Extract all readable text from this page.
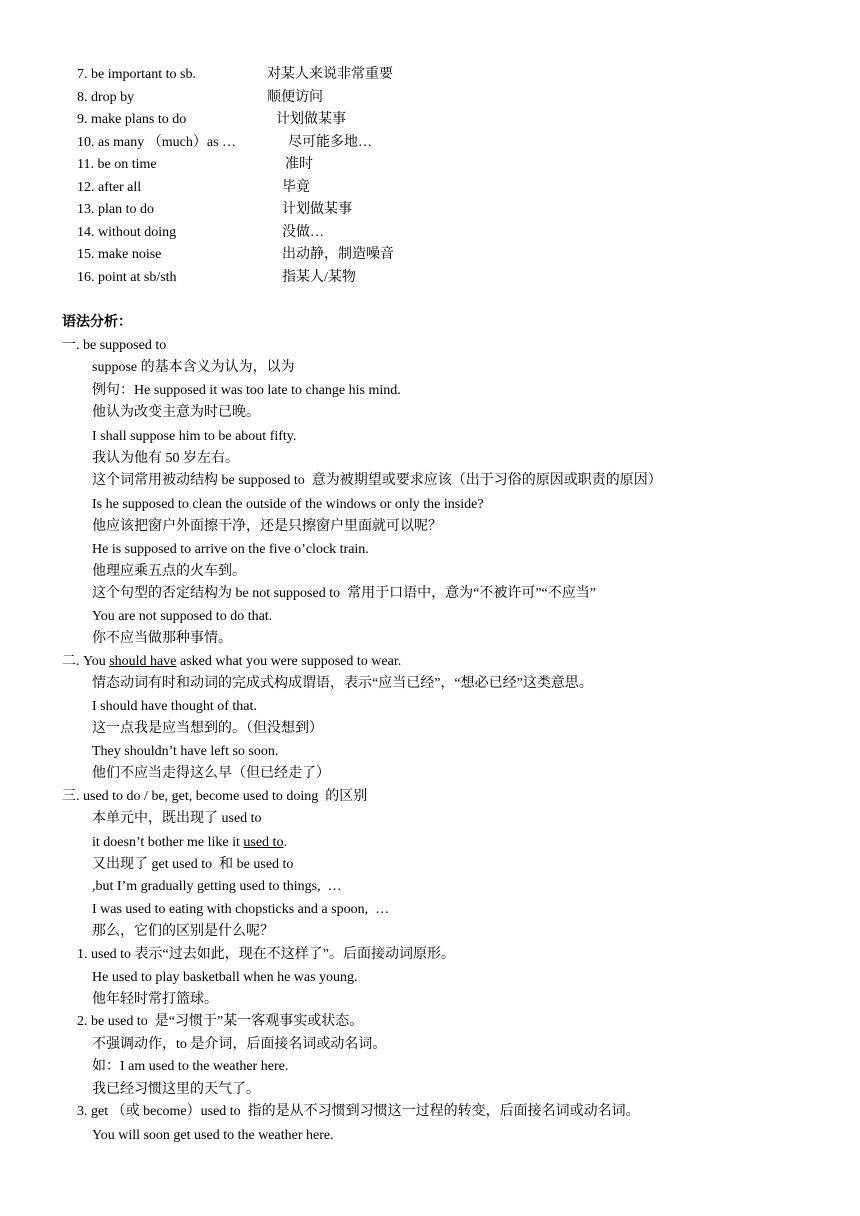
7. be important to sb.	对某人来说非常重要
8. drop by	顺便访问
9. make plans to do	计划做某事
10. as many （much）as …	尽可能多地…
11. be on time	准时
12. after all	毕竟
13. plan to do	计划做某事
14. without doing	没做…
15. make noise	出动静，制造噪音
16. point at sb/sth	指某人/某物
语法分析：
一. be supposed to
suppose 的基本含义为认为，以为
例句：He supposed it was too late to change his mind.
他认为改变主意为时已晚。
I shall suppose him to be about fifty.
我认为他有 50 岁左右。
这个词常用被动结构 be supposed to  意为被期望或要求应该（出于习俗的原因或职责的原因）
Is he supposed to clean the outside of the windows or only the inside?
他应该把窗户外面擦干净，还是只擦窗户里面就可以呢？
He is supposed to arrive on the five o’clock train.
他理应乘五点的火车到。
这个句型的否定结构为 be not supposed to  常用于口语中，意为“不被许可”“不应当”
You are not supposed to do that.
你不应当做那种事情。
二. You should have asked what you were supposed to wear.
情态动词有时和动词的完成式构成谓语，表示“应当已经”，“想必已经”这类意思。
I should have thought of that.
这一点我是应当想到的。（但没想到）
They shouldn’t have left so soon.
他们不应当走得这么早（但已经走了）
三. used to do / be, get, become used to doing  的区别
本单元中，既出现了 used to
it doesn’t bother me like it used to.
又出现了 get used to  和 be used to
,but I’m gradually getting used to things,  …
I was used to eating with chopsticks and a spoon,  …
那么，它们的区别是什么呢？
1. used to 表示“过去如此，现在不这样了”。后面接动词原形。
He used to play basketball when he was young.
他年轻时常打篮球。
2. be used to  是“习惯于”某一客观事实或状态。
不强调动作，to 是介词，后面接名词或动名词。
如：I am used to the weather here.
我已经习惯这里的天气了。
3. get （或 become）used to  指的是从不习惯到习惯这一过程的转变，后面接名词或动名词。
You will soon get used to the weather here.
